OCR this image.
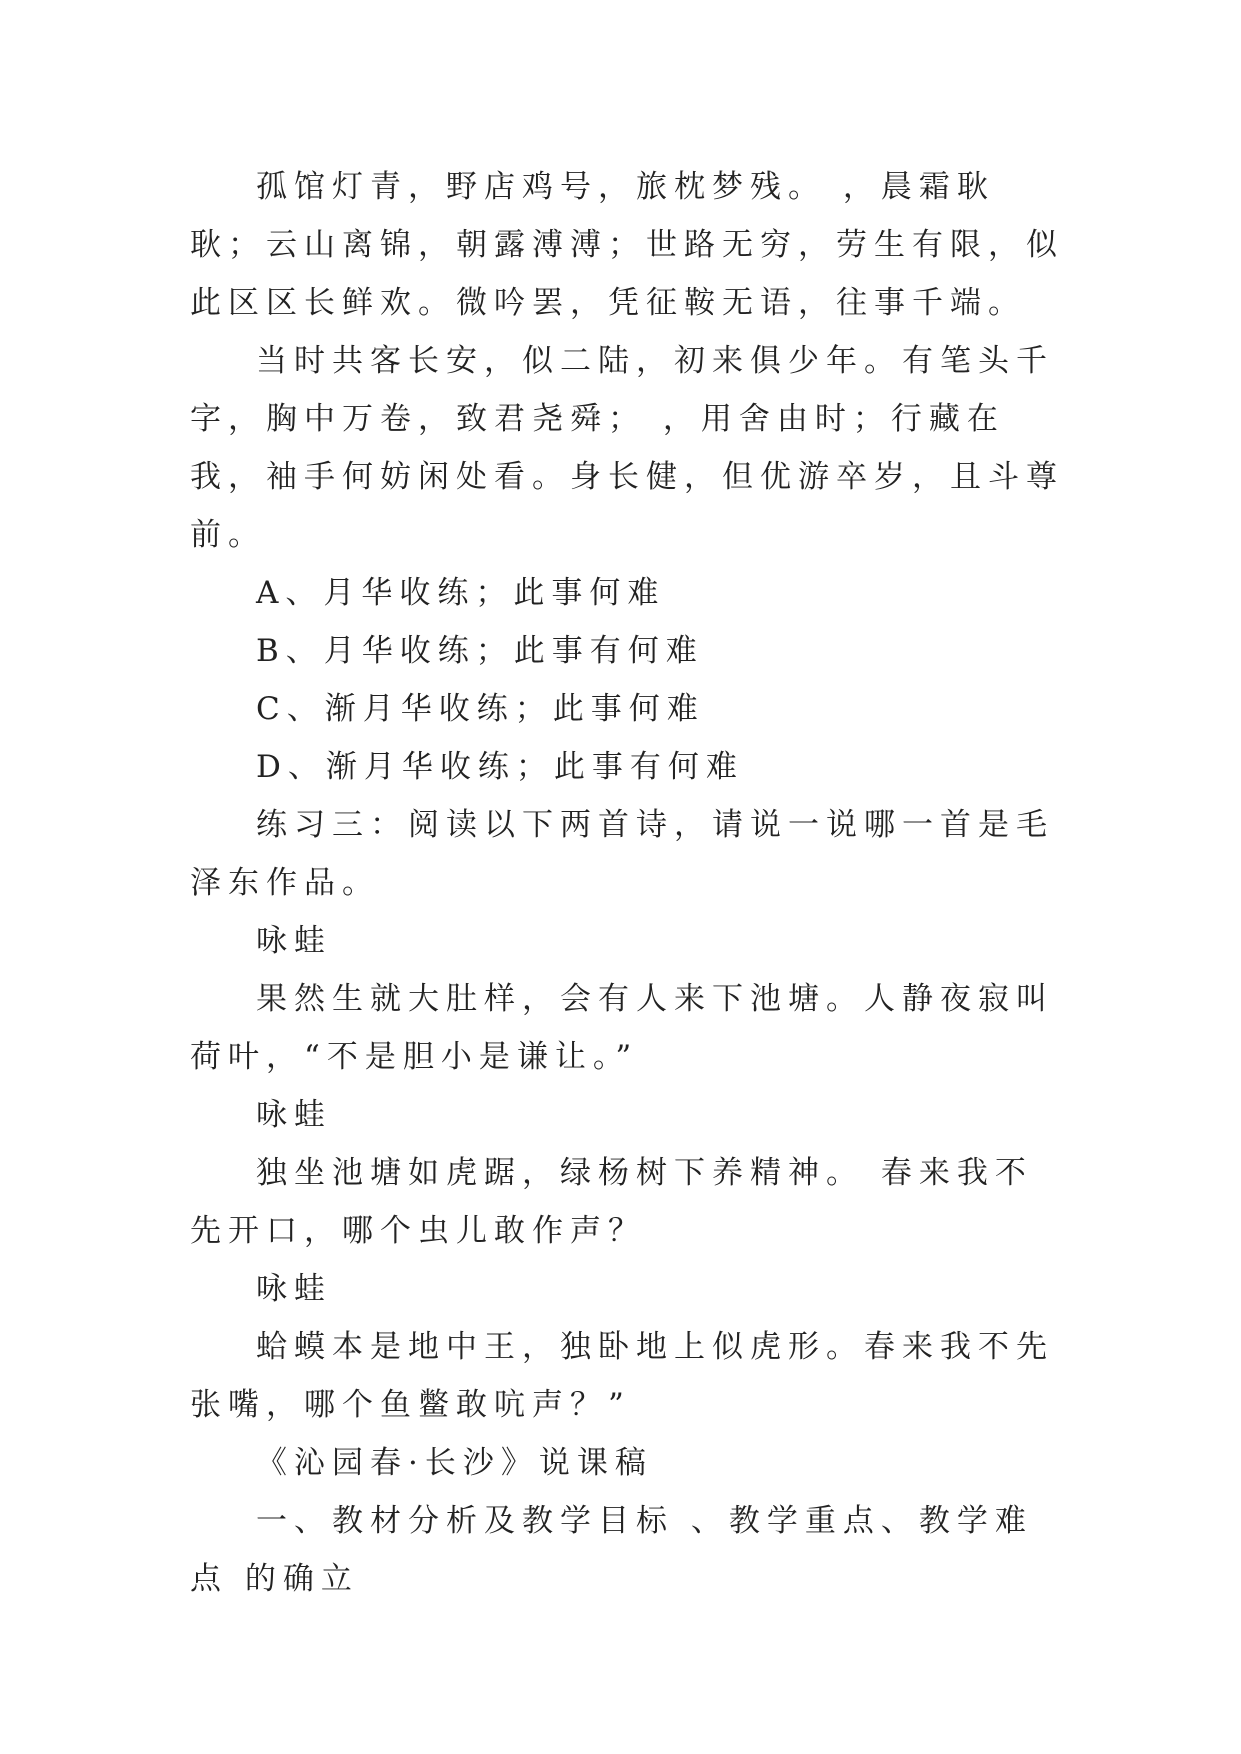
孤馆灯青，野店鸡号，旅枕梦残。 ，晨霜耿耿；云山离锦，朝露溥溥；世路无穷，劳生有限，似此区区长鲜欢。微吟罢，凭征鞍无语，往事千端。

当时共客长安，似二陆，初来俱少年。有笔头千字，胸中万卷，致君尧舜； ，用舍由时；行藏在我，袖手何妨闲处看。身长健，但优游卒岁，且斗尊前。

A、月华收练；此事何难

B、月华收练；此事有何难

C、渐月华收练；此事何难

D、渐月华收练；此事有何难

练习三：阅读以下两首诗，请说一说哪一首是毛泽东作品。

咏蛙

果然生就大肚样，会有人来下池塘。人静夜寂叫荷叶，“不是胆小是谦让。”

咏蛙

独坐池塘如虎踞，绿杨树下养精神。 春来我不先开口，哪个虫儿敢作声？

咏蛙

蛤蟆本是地中王，独卧地上似虎形。春来我不先张嘴，哪个鱼鳖敢吭声？”

《沁园春·长沙》说课稿

一、教材分析及教学目标 、教学重点、教学难点 的确立
